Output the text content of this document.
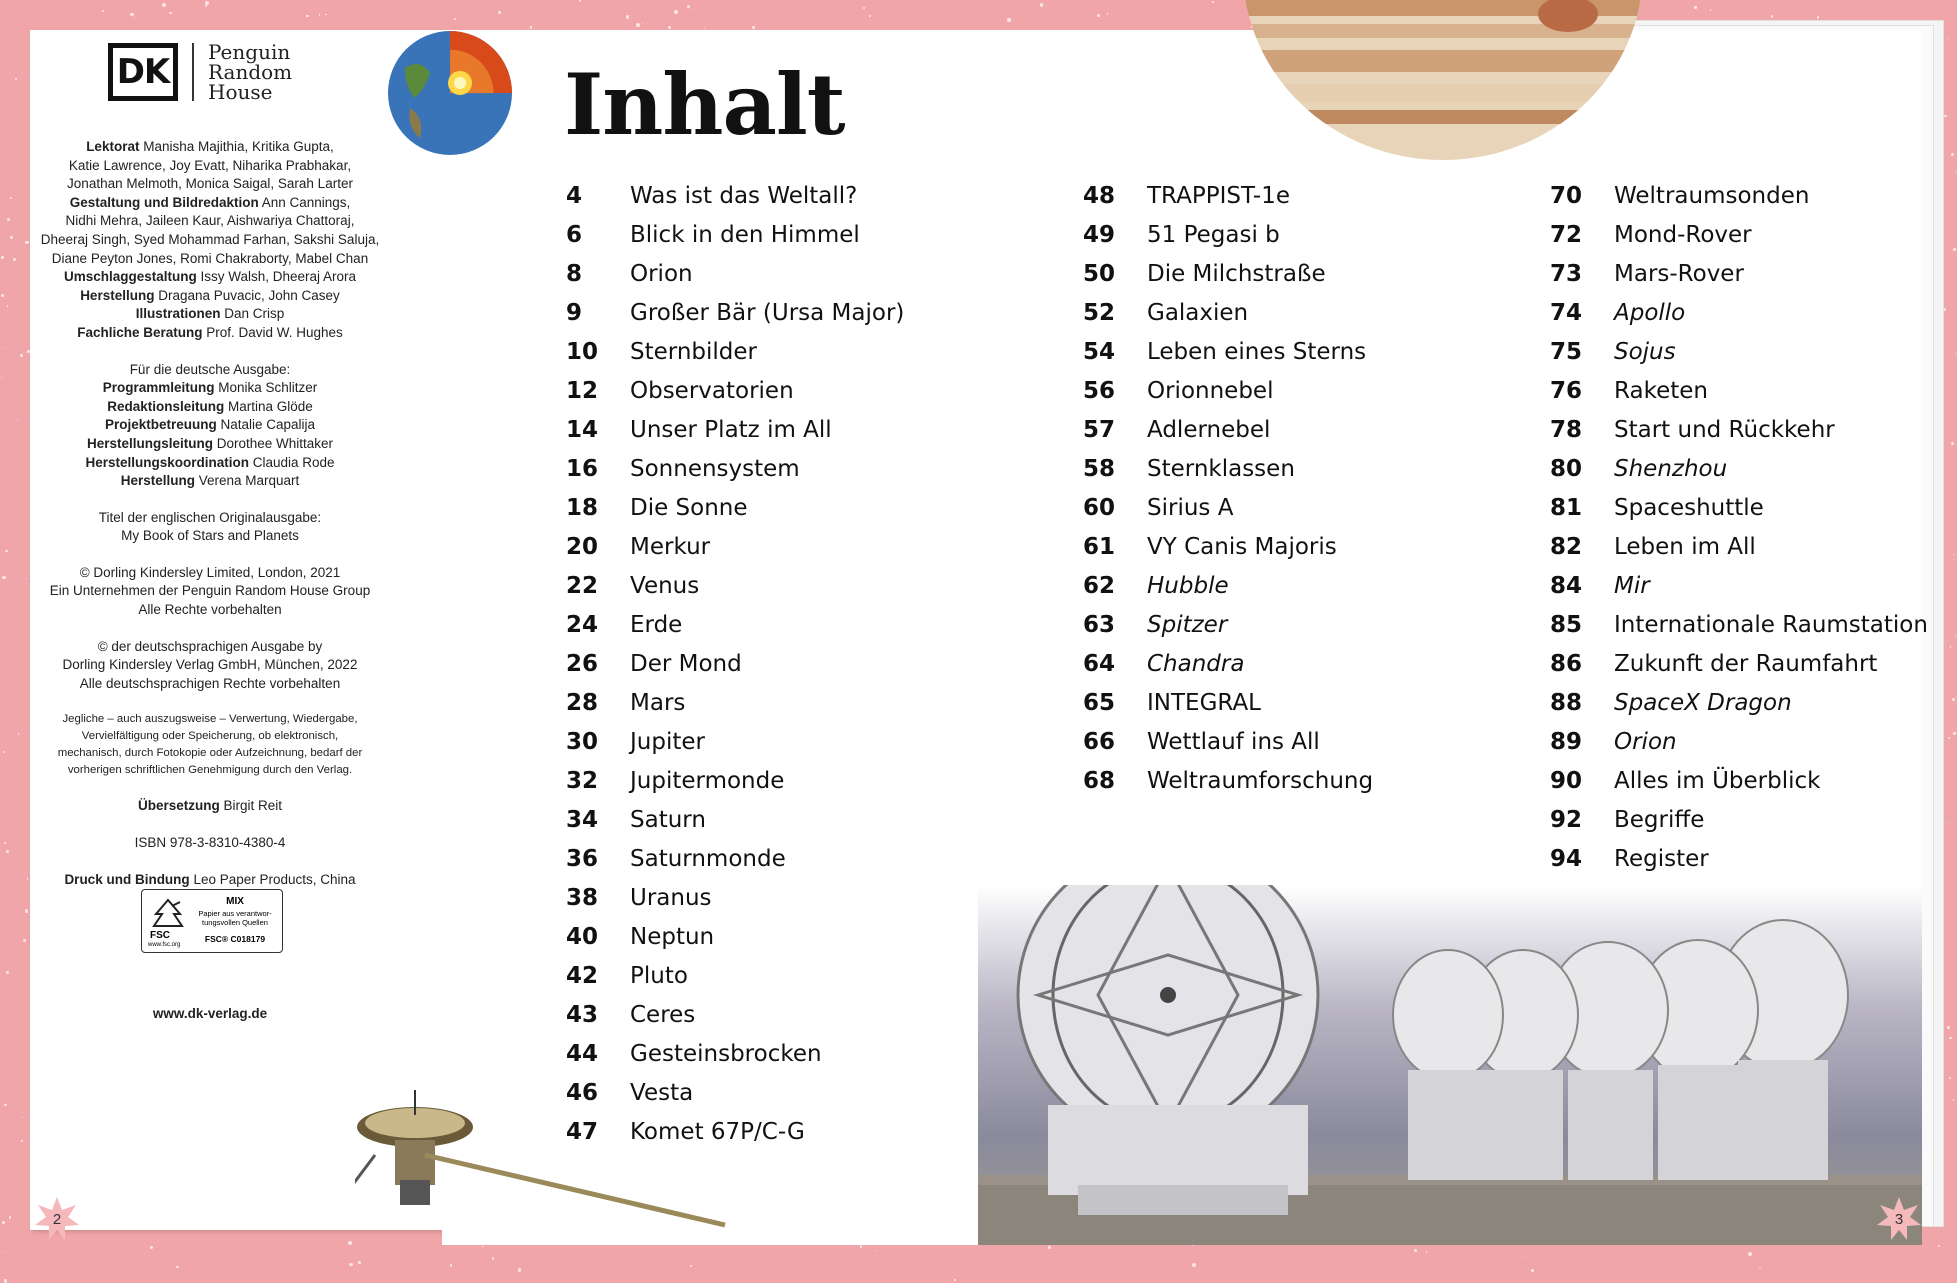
DK	Penguin
Random
House
Lektorat Manisha Majithia, Kritika Gupta,
Katie Lawrence, Joy Evatt, Niharika Prabhakar,
Jonathan Melmoth, Monica Saigal, Sarah Larter
Gestaltung und Bildredaktion Ann Cannings,
Nidhi Mehra, Jaileen Kaur, Aishwariya Chattoraj,
Dheeraj Singh, Syed Mohammad Farhan, Sakshi Saluja,
Diane Peyton Jones, Romi Chakraborty, Mabel Chan
Umschlaggestaltung Issy Walsh, Dheeraj Arora
Herstellung Dragana Puvacic, John Casey
Illustrationen Dan Crisp
Fachliche Beratung Prof. David W. Hughes
Für die deutsche Ausgabe:
Programmleitung Monika Schlitzer
Redaktionsleitung Martina Glöde
Projektbetreuung Natalie Capalija
Herstellungsleitung Dorothee Whittaker
Herstellungskoordination Claudia Rode
Herstellung Verena Marquart
Titel der englischen Originalausgabe:
My Book of Stars and Planets
© Dorling Kindersley Limited, London, 2021
Ein Unternehmen der Penguin Random House Group
Alle Rechte vorbehalten
© der deutschsprachigen Ausgabe by
Dorling Kindersley Verlag GmbH, München, 2022
Alle deutschsprachigen Rechte vorbehalten
Jegliche – auch auszugsweise – Verwertung, Wiedergabe,
Vervielfältigung oder Speicherung, ob elektronisch,
mechanisch, durch Fotokopie oder Aufzeichnung, bedarf der
vorherigen schriftlichen Genehmigung durch den Verlag.
Übersetzung Birgit Reit
ISBN 978-3-8310-4380-4
Druck und Bindung Leo Paper Products, China
FSC
MIX
Papier aus verantwor-
tungsvollen Quellen
FSC® C018179
www.fsc.org
www.dk-verlag.de
2
Inhalt
4	Was ist das Weltall?
6	Blick in den Himmel
8	Orion
9	Großer Bär (Ursa Major)
10	Sternbilder
12	Observatorien
14	Unser Platz im All
16	Sonnensystem
18	Die Sonne
20	Merkur
22	Venus
24	Erde
26	Der Mond
28	Mars
30	Jupiter
32	Jupitermonde
34	Saturn
36	Saturnmonde
38	Uranus
40	Neptun
42	Pluto
43	Ceres
44	Gesteinsbrocken
46	Vesta
47	Komet 67P/C-G
48	TRAPPIST-1e
49	51 Pegasi b
50	Die Milchstraße
52	Galaxien
54	Leben eines Sterns
56	Orionnebel
57	Adlernebel
58	Sternklassen
60	Sirius A
61	VY Canis Majoris
62	Hubble
63	Spitzer
64	Chandra
65	INTEGRAL
66	Wettlauf ins All
68	Weltraumforschung
70	Weltraumsonden
72	Mond-Rover
73	Mars-Rover
74	Apollo
75	Sojus
76	Raketen
78	Start und Rückkehr
80	Shenzhou
81	Spaceshuttle
82	Leben im All
84	Mir
85	Internationale Raumstation
86	Zukunft der Raumfahrt
88	SpaceX Dragon
89	Orion
90	Alles im Überblick
92	Begriffe
94	Register
3
